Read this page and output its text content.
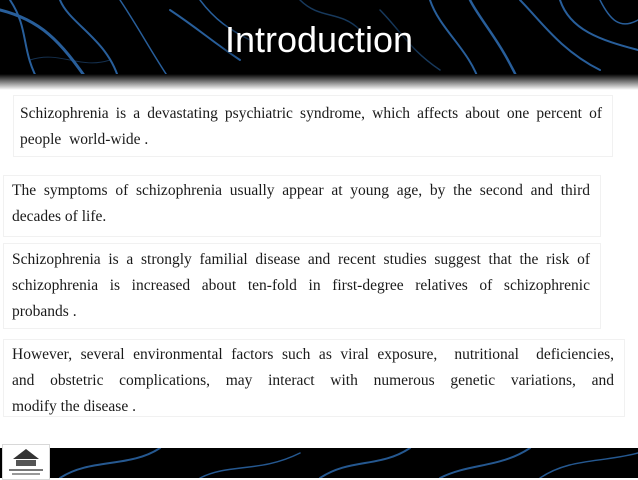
Introduction

Schizophrenia is a devastating psychiatric syndrome, which affects about one percent of

people  world-wide .

The symptoms of schizophrenia usually appear at young age, by the second and third

decades of life.

Schizophrenia is a strongly familial disease and recent studies suggest that the risk of

schizophrenia is increased about ten-fold in first-degree relatives of schizophrenic

probands .

However, several environmental factors such as viral exposure,  nutritional  deficiencies,

and obstetric complications, may interact with numerous genetic variations, and

modify the disease .
